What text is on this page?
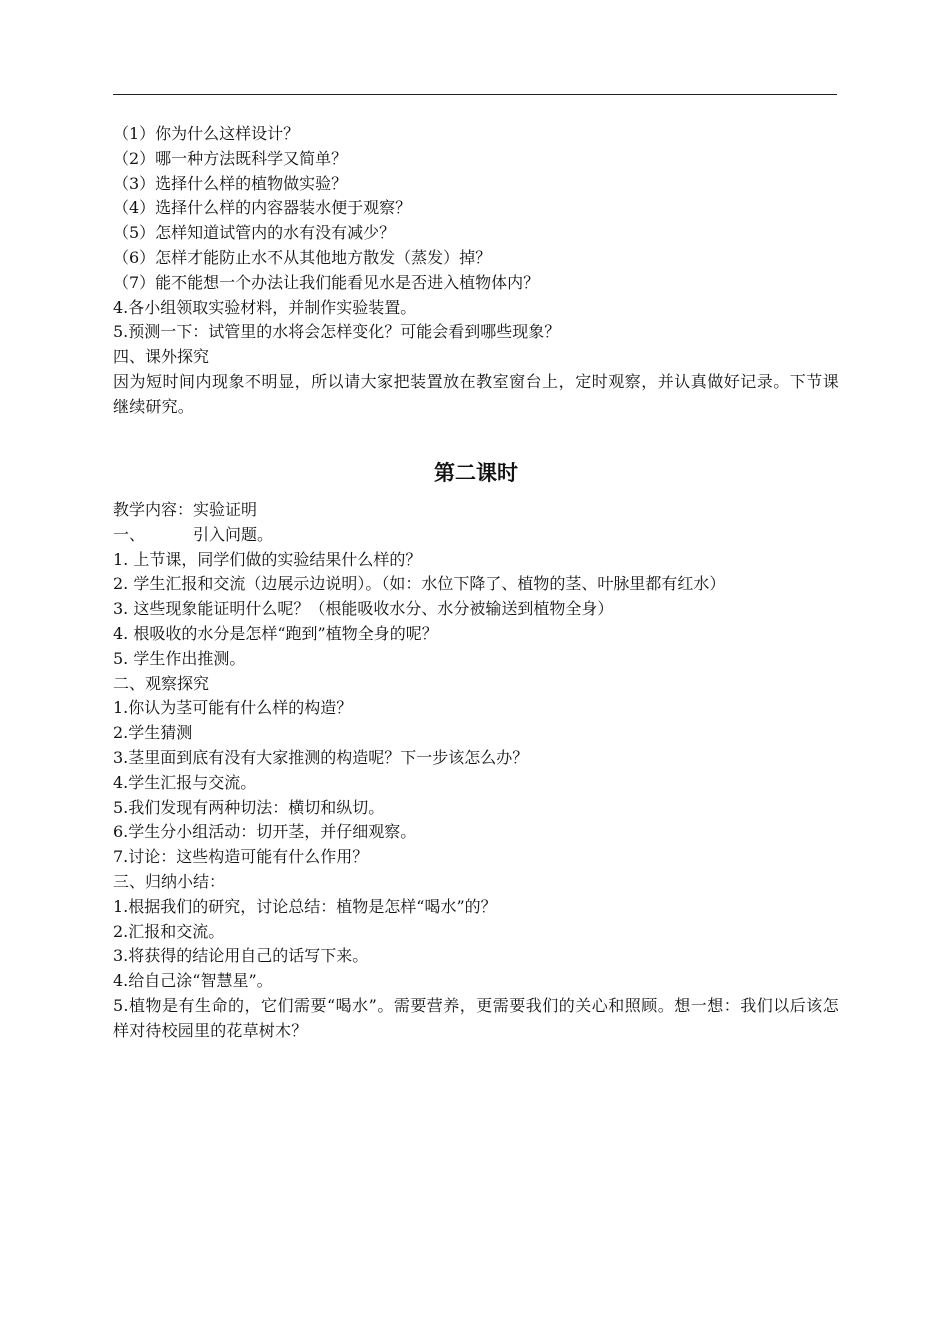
（1）你为什么这样设计？
（2）哪一种方法既科学又简单？
（3）选择什么样的植物做实验？
（4）选择什么样的内容器装水便于观察？
（5）怎样知道试管内的水有没有减少？
（6）怎样才能防止水不从其他地方散发（蒸发）掉？
（7）能不能想一个办法让我们能看见水是否进入植物体内？
4.各小组领取实验材料，并制作实验装置。
5.预测一下：试管里的水将会怎样变化？可能会看到哪些现象？
四、课外探究
因为短时间内现象不明显，所以请大家把装置放在教室窗台上，定时观察，并认真做好记录。下节课继续研究。
第二课时
教学内容：实验证明
一、	引入问题。
1. 上节课，同学们做的实验结果什么样的？
2. 学生汇报和交流（边展示边说明）。（如：水位下降了、植物的茎、叶脉里都有红水）
3. 这些现象能证明什么呢？（根能吸收水分、水分被输送到植物全身）
4. 根吸收的水分是怎样“跑到”植物全身的呢？
5. 学生作出推测。
二、观察探究
1.你认为茎可能有什么样的构造？
2.学生猜测
3.茎里面到底有没有大家推测的构造呢？下一步该怎么办？
4.学生汇报与交流。
5.我们发现有两种切法：横切和纵切。
6.学生分小组活动：切开茎，并仔细观察。
7.讨论：这些构造可能有什么作用？
三、归纳小结：
1.根据我们的研究，讨论总结：植物是怎样“喝水”的？
2.汇报和交流。
3.将获得的结论用自己的话写下来。
4.给自己涂“智慧星”。
5.植物是有生命的，它们需要“喝水”。需要营养，更需要我们的关心和照顾。想一想：我们以后该怎样对待校园里的花草树木？
